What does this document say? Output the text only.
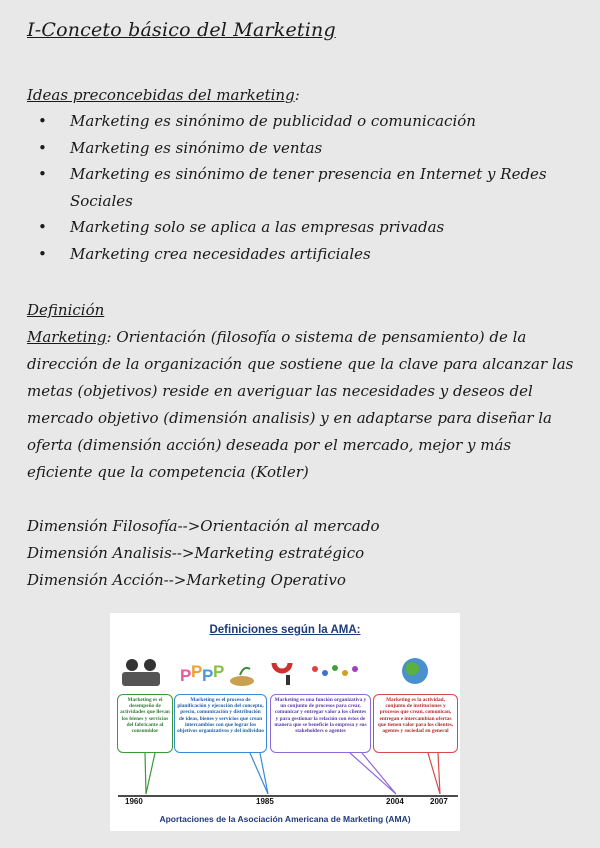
I-Conceto básico del Marketing
Ideas preconcebidas del marketing:
• Marketing es sinónimo de publicidad o comunicación
• Marketing es sinónimo de ventas
• Marketing es sinónimo de tener presencia en Internet y Redes Sociales
• Marketing solo se aplica a las empresas privadas
• Marketing crea necesidades artificiales
Definición
Marketing: Orientación (filosofía o sistema de pensamiento) de la dirección de la organización que sostiene que la clave para alcanzar las metas (objetivos) reside en averiguar las necesidades y deseos del mercado objetivo (dimensión analisis) y en adaptarse para diseñar la oferta (dimensión acción) deseada por el mercado, mejor y más eficiente que la competencia (Kotler)
Dimensión Filosofía-->Orientación al mercado
Dimensión Analisis-->Marketing estratégico
Dimensión Acción-->Marketing Operativo
Definiciones según la AMA:
P P P P
Marketing es el desempeño de actividades que llevan los bienes y servicios del fabricante al consumidor
Marketing es el proceso de planificación y ejecución del concepto, precio, comunicación y distribución de ideas, bienes y servicios que crean intercambios con que lograr los objetivos organizativos y del individuo
Marketing es una función organizativa y un conjunto de procesos para crear, comunicar y entregar valor a los clientes y para gestionar la relación con éstos de manera que se beneficie la empresa y sus stakeholders o agentes
Marketing es la actividad, conjunto de instituciones y procesos que crean, comunican, entregan e intercambian ofertas que tienen valor para los clientes, agentes y sociedad en general
1960	1985	2004	2007
Aportaciones de la Asociación Americana de Marketing (AMA)
